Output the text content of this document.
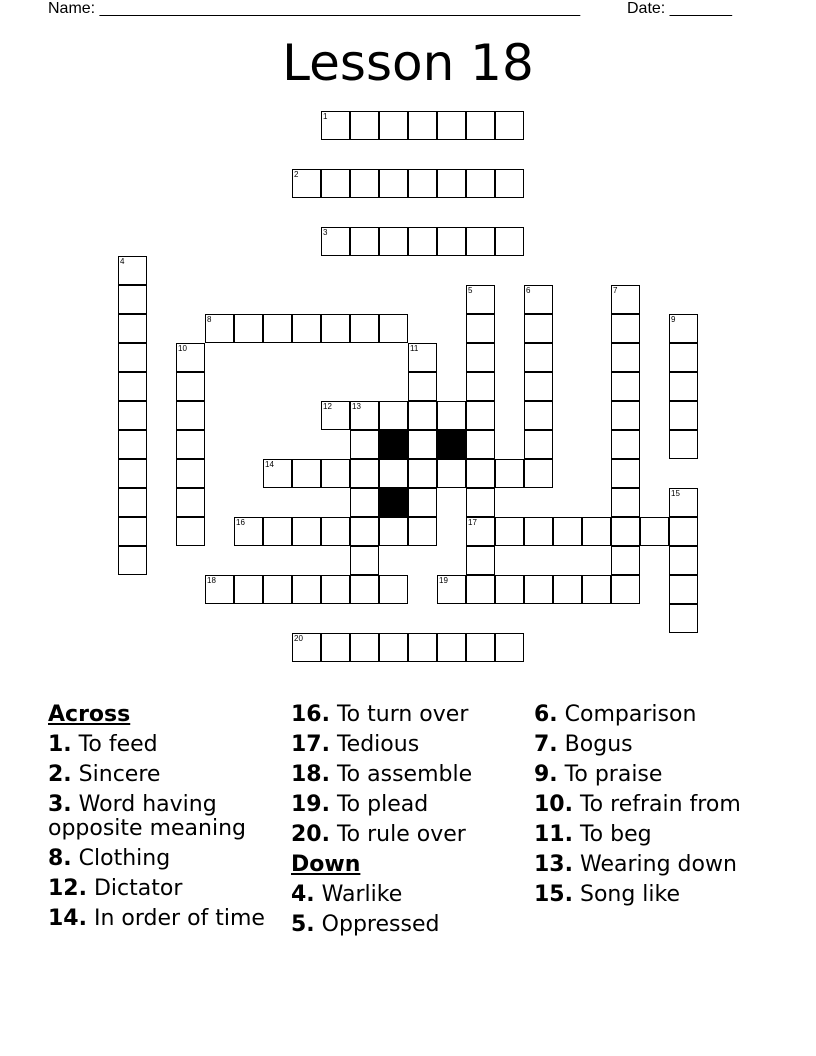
Name: ______________________________________________________	Date: _______
Lesson 18
1
2
3
8
12	13
14
16	17
18	19
20
4
5	6	7
9
10	11
15
Across
1. To feed
2. Sincere
3. Word having opposite meaning
8. Clothing
12. Dictator
14. In order of time
16. To turn over
17. Tedious
18. To assemble
19. To plead
20. To rule over
Down
4. Warlike
5. Oppressed
6. Comparison
7. Bogus
9. To praise
10. To refrain from
11. To beg
13. Wearing down
15. Song like
